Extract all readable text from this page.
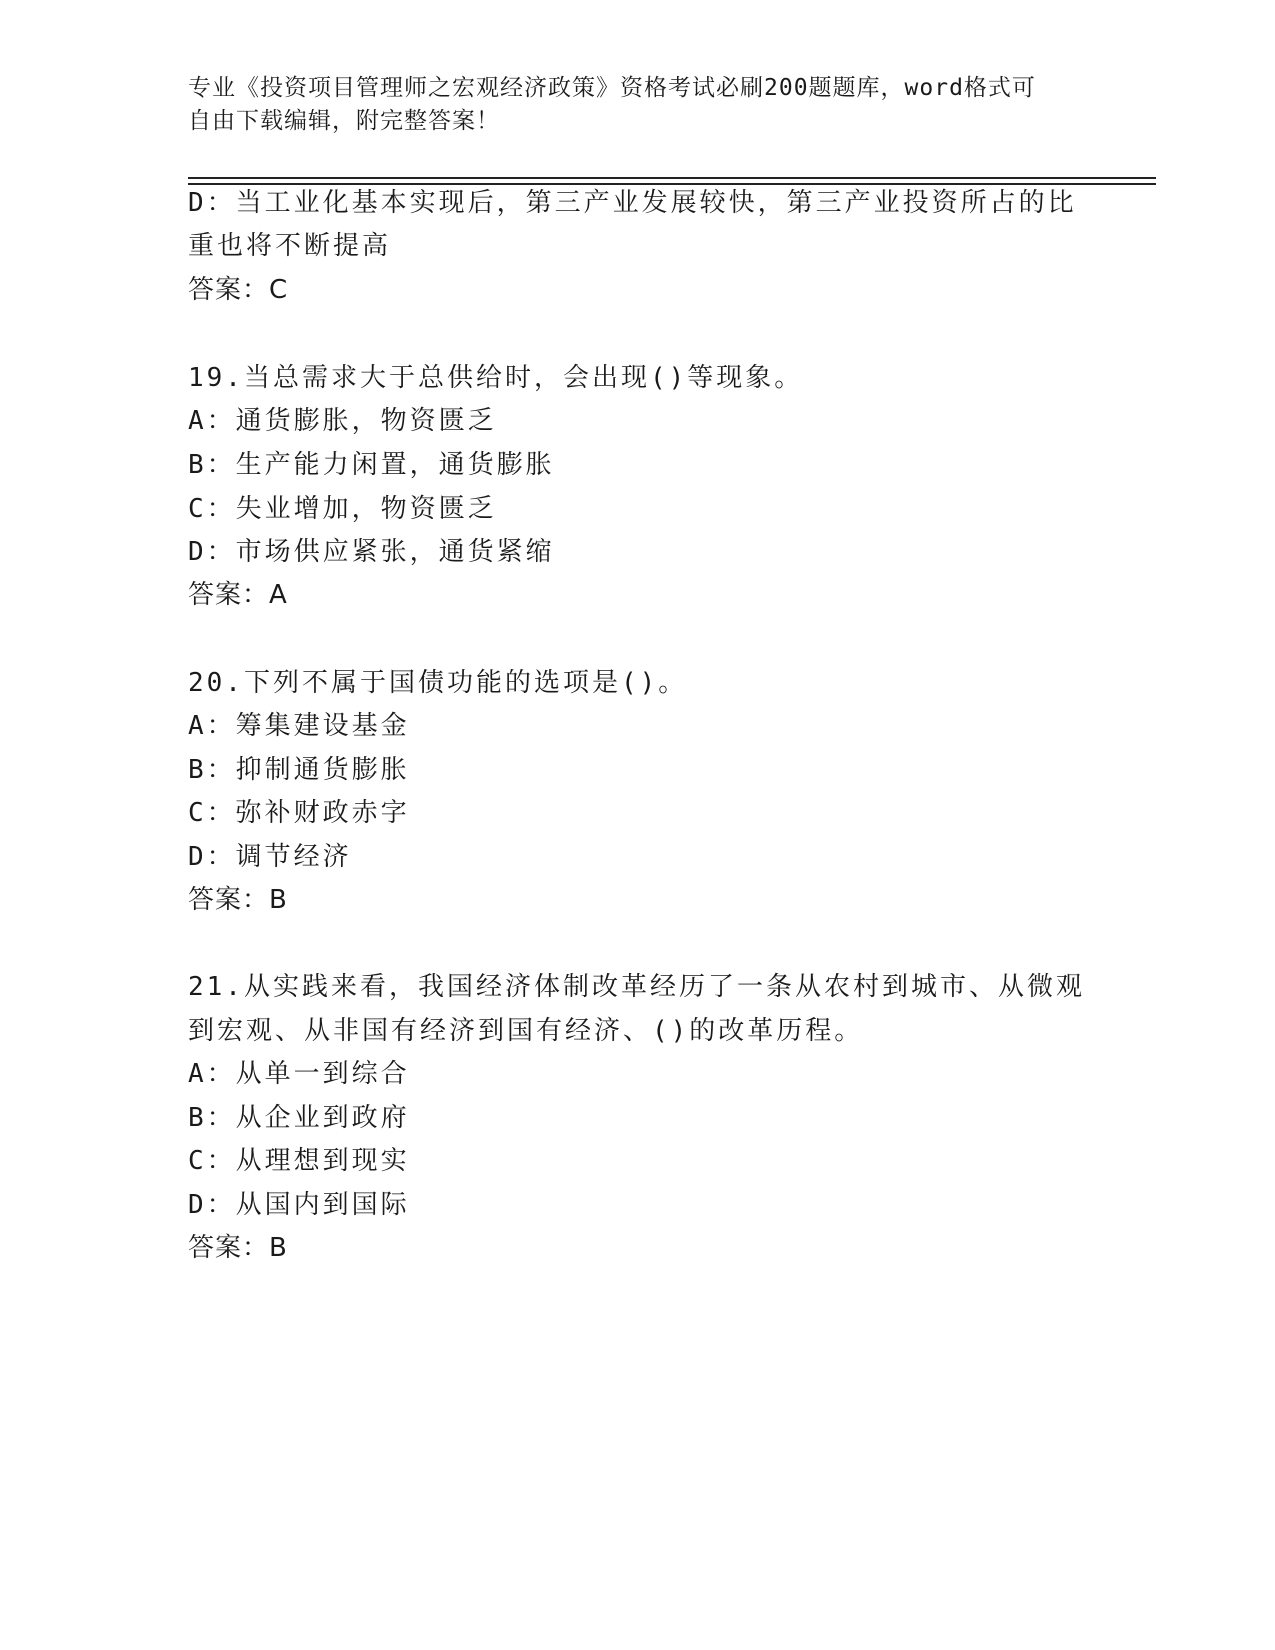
专业《投资项目管理师之宏观经济政策》资格考试必刷200题题库，word格式可
自由下载编辑，附完整答案！
D：当工业化基本实现后，第三产业发展较快，第三产业投资所占的比
重也将不断提高
答案：C
19.当总需求大于总供给时，会出现()等现象。
A：通货膨胀，物资匮乏
B：生产能力闲置，通货膨胀
C：失业增加，物资匮乏
D：市场供应紧张，通货紧缩
答案：A
20.下列不属于国债功能的选项是()。
A：筹集建设基金
B：抑制通货膨胀
C：弥补财政赤字
D：调节经济
答案：B
21.从实践来看，我国经济体制改革经历了一条从农村到城市、从微观
到宏观、从非国有经济到国有经济、()的改革历程。
A：从单一到综合
B：从企业到政府
C：从理想到现实
D：从国内到国际
答案：B
